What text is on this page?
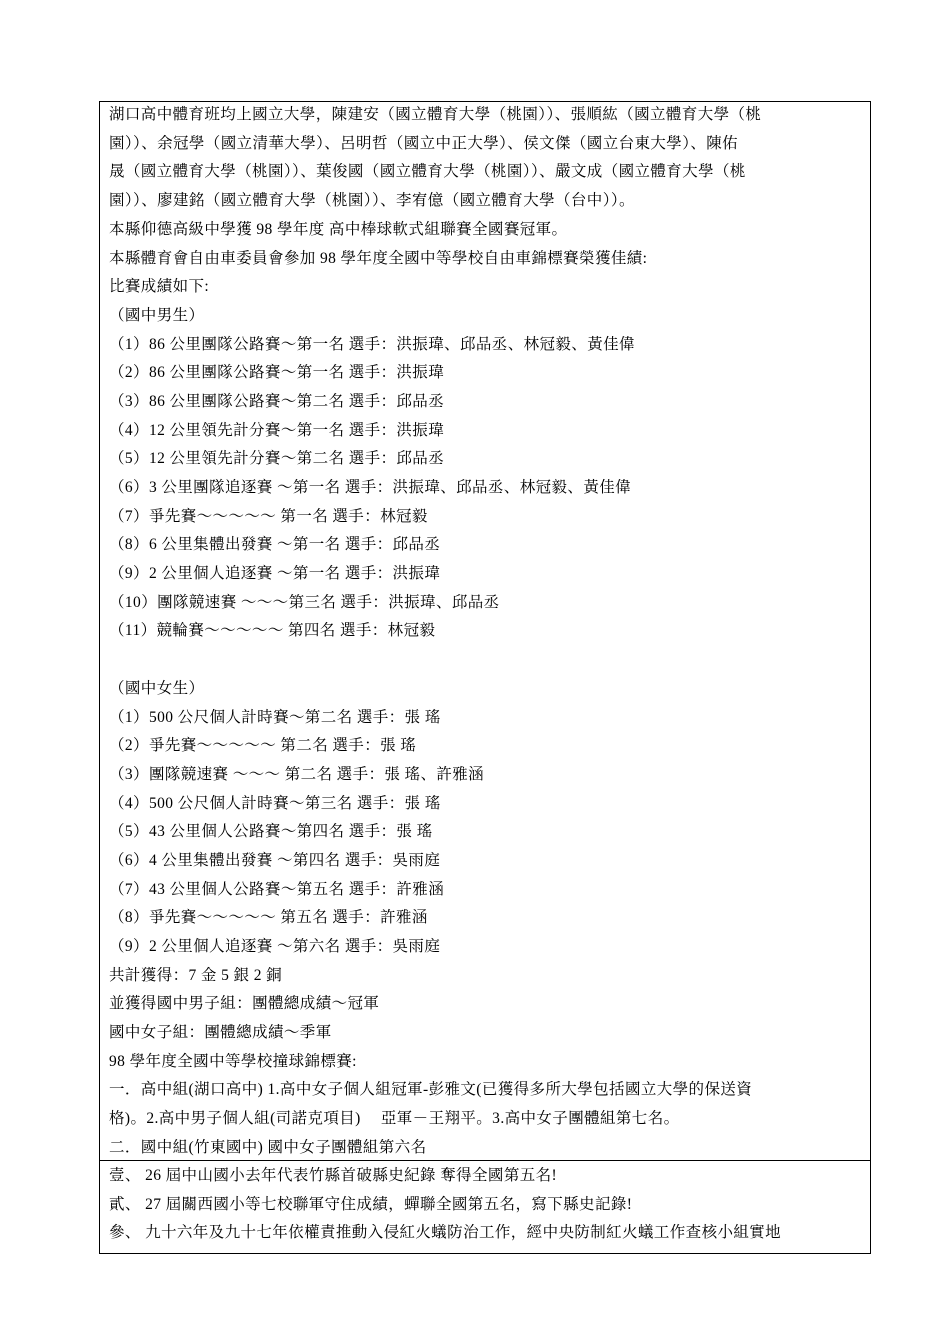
湖口高中體育班均上國立大學，陳建安（國立體育大學（桃園））、張順紘（國立體育大學（桃
園））、余冠學（國立清華大學）、呂明哲（國立中正大學）、侯文傑（國立台東大學）、陳佑
晟（國立體育大學（桃園））、葉俊國（國立體育大學（桃園））、嚴文成（國立體育大學（桃
園））、廖建銘（國立體育大學（桃園））、李宥億（國立體育大學（台中））。
本縣仰德高級中學獲 98 學年度 高中棒球軟式組聯賽全國賽冠軍。
本縣體育會自由車委員會參加 98 學年度全國中等學校自由車錦標賽榮獲佳績:
比賽成績如下:
（國中男生）
（1）86 公里團隊公路賽～第一名 選手：洪振瑋、邱品丞、林冠毅、黃佳偉
（2）86 公里團隊公路賽～第一名 選手：洪振瑋
（3）86 公里團隊公路賽～第二名 選手：邱品丞
（4）12 公里領先計分賽～第一名 選手：洪振瑋
（5）12 公里領先計分賽～第二名 選手：邱品丞
（6）3 公里團隊追逐賽 ～第一名 選手：洪振瑋、邱品丞、林冠毅、黃佳偉
（7）爭先賽～～～～～ 第一名 選手：林冠毅
（8）6 公里集體出發賽 ～第一名 選手：邱品丞
（9）2 公里個人追逐賽 ～第一名 選手：洪振瑋
（10）團隊競速賽 ～～～第三名 選手：洪振瑋、邱品丞
（11）競輪賽～～～～～ 第四名 選手：林冠毅
（國中女生）
（1）500 公尺個人計時賽～第二名 選手：張 瑤
（2）爭先賽～～～～～ 第二名 選手：張 瑤
（3）團隊競速賽 ～～～ 第二名 選手：張 瑤、許雅涵
（4）500 公尺個人計時賽～第三名 選手：張 瑤
（5）43 公里個人公路賽～第四名 選手：張 瑤
（6）4 公里集體出發賽 ～第四名 選手：吳雨庭
（7）43 公里個人公路賽～第五名 選手：許雅涵
（8）爭先賽～～～～～ 第五名 選手：許雅涵
（9）2 公里個人追逐賽 ～第六名 選手：吳雨庭
共計獲得：7 金 5 銀 2 銅
並獲得國中男子組：團體總成績～冠軍
國中女子組：團體總成績～季軍
98 學年度全國中等學校撞球錦標賽:
一．高中組(湖口高中) 1.高中女子個人組冠軍-彭雅文(已獲得多所大學包括國立大學的保送資
格)。2.高中男子個人組(司諾克項目)　 亞軍－王翔平。3.高中女子團體組第七名。
二．國中組(竹東國中) 國中女子團體組第六名
壹、 26 屆中山國小去年代表竹縣首破縣史紀錄 奪得全國第五名!
貳、 27 屆關西國小等七校聯軍守住成績，蟬聯全國第五名，寫下縣史記錄!
參、 九十六年及九十七年依權責推動入侵紅火蟻防治工作，經中央防制紅火蟻工作查核小組實地
